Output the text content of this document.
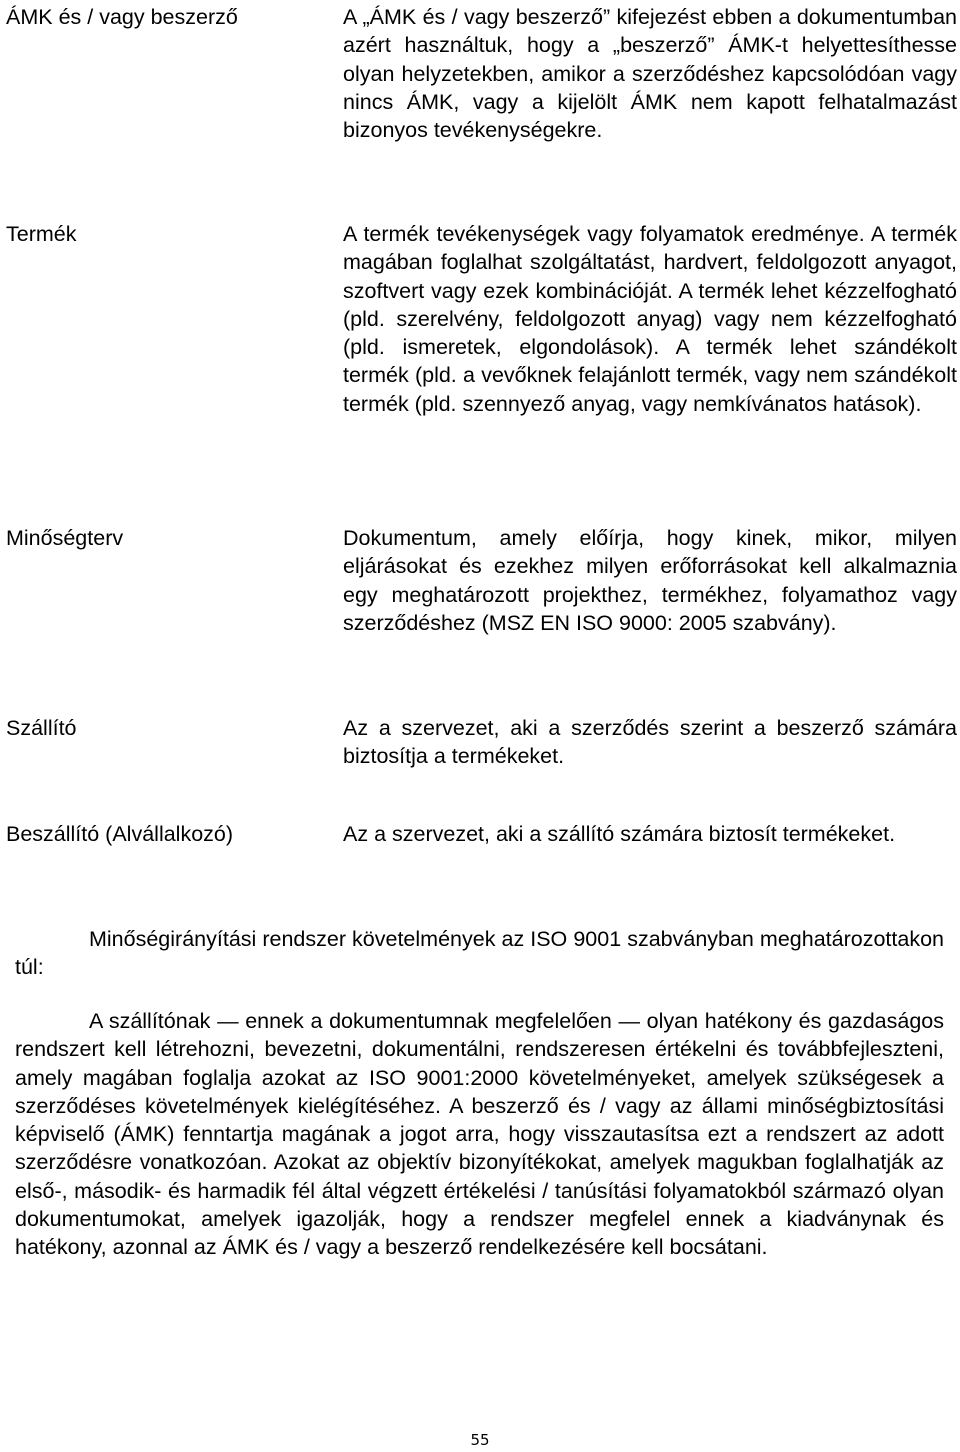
ÁMK és / vagy beszerző	A „ÁMK és / vagy beszerző” kifejezést ebben a dokumentumban azért használtuk, hogy a „beszerző” ÁMK-t helyettesíthesse olyan helyzetekben, amikor a szerződéshez kapcsolódóan vagy nincs ÁMK, vagy a kijelölt ÁMK nem kapott felhatalmazást bizonyos tevékenységekre.
Termék	A termék tevékenységek vagy folyamatok eredménye. A termék magában foglalhat szolgáltatást, hardvert, feldolgozott anyagot, szoftvert vagy ezek kombinációját. A termék lehet kézzelfogható (pld. szerelvény, feldolgozott anyag) vagy nem kézzelfogható (pld. ismeretek, elgondolások). A termék lehet szándékolt termék (pld. a vevőknek felajánlott termék, vagy nem szándékolt termék (pld. szennyező anyag, vagy nemkívánatos hatások).
Minőségterv	Dokumentum, amely előírja, hogy kinek, mikor, milyen eljárásokat és ezekhez milyen erőforrásokat kell alkalmaznia egy meghatározott projekthez, termékhez, folyamathoz vagy szerződéshez (MSZ EN ISO 9000: 2005 szabvány).
Szállító	Az a szervezet, aki a szerződés szerint a beszerző számára biztosítja a termékeket.
Beszállító (Alvállalkozó)	Az a szervezet, aki a szállító számára biztosít termékeket.

Minőségirányítási rendszer követelmények az ISO 9001 szabványban meghatározottakon túl:

A szállítónak ― ennek a dokumentumnak megfelelően ― olyan hatékony és gazdaságos rendszert kell létrehozni, bevezetni, dokumentálni, rendszeresen értékelni és továbbfejleszteni, amely magában foglalja azokat az ISO 9001:2000 követelményeket, amelyek szükségesek a szerződéses követelmények kielégítéséhez. A beszerző és / vagy az állami minőségbiztosítási képviselő (ÁMK) fenntartja magának a jogot arra, hogy visszautasítsa ezt a rendszert az adott szerződésre vonatkozóan. Azokat az objektív bizonyítékokat, amelyek magukban foglalhatják az első-, második- és harmadik fél által végzett értékelési / tanúsítási folyamatokból származó olyan dokumentumokat, amelyek igazolják, hogy a rendszer megfelel ennek a kiadványnak és hatékony, azonnal az ÁMK és / vagy a beszerző rendelkezésére kell bocsátani.

55
